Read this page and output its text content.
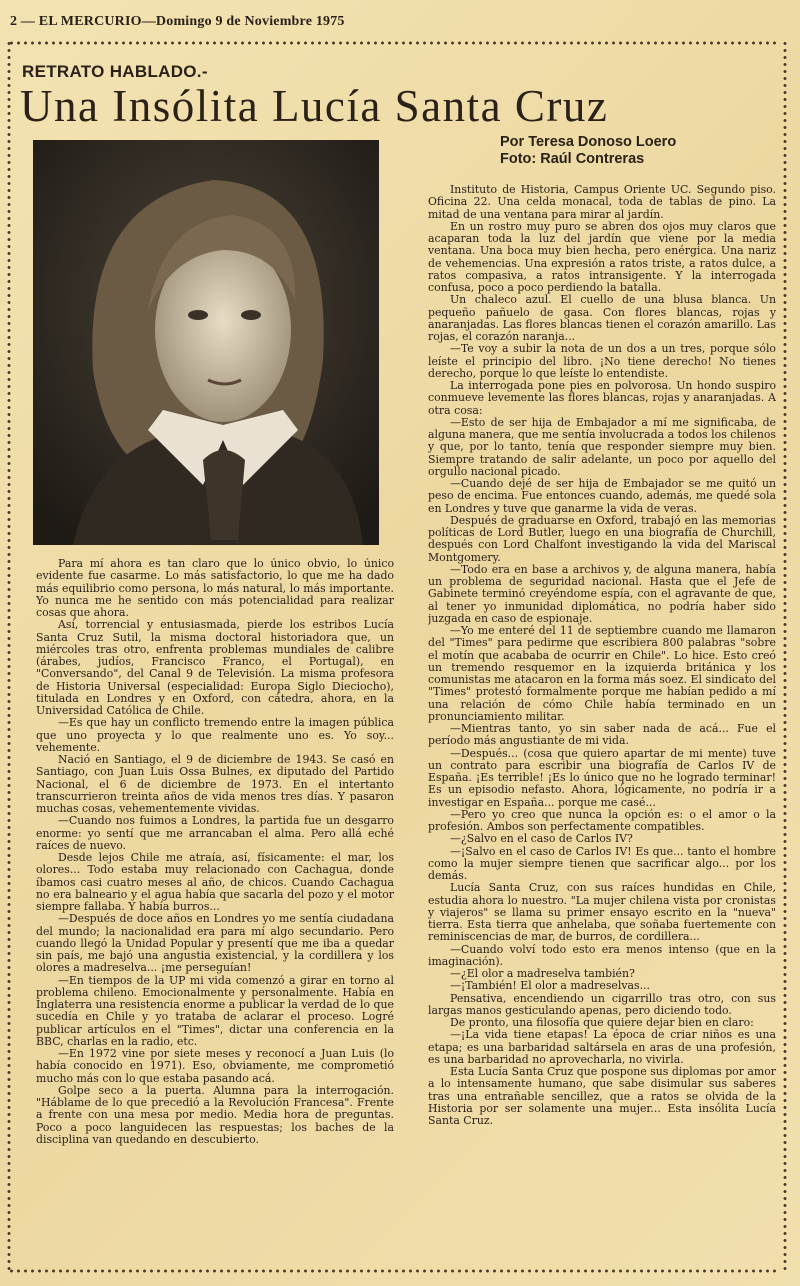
2 — EL MERCURIO—Domingo 9 de Noviembre 1975
RETRATO HABLADO.-
Una Insólita Lucía Santa Cruz
Por Teresa Donoso Loero
Foto: Raúl Contreras

Para mí ahora es tan claro que lo único obvio, lo único evidente fue casarme. Lo más satisfactorio, lo que me ha dado más equilibrio como persona, lo más natural, lo más importante. Yo nunca me he sentido con más potencialidad para realizar cosas que ahora.

Así, torrencial y entusiasmada, pierde los estribos Lucía Santa Cruz Sutil, la misma doctoral historiadora que, un miércoles tras otro, enfrenta problemas mundiales de calibre (árabes, judíos, Francisco Franco, el Portugal), en "Conversando", del Canal 9 de Televisión. La misma profesora de Historia Universal (especialidad: Europa Siglo Dieciocho), titulada en Londres y en Oxford, con cátedra, ahora, en la Universidad Católica de Chile.

—Es que hay un conflicto tremendo entre la imagen pública que uno proyecta y lo que realmente uno es. Yo soy... vehemente.

Nació en Santiago, el 9 de diciembre de 1943. Se casó en Santiago, con Juan Luis Ossa Bulnes, ex diputado del Partido Nacional, el 6 de diciembre de 1973. En el intertanto transcurrieron treinta años de vida menos tres días. Y pasaron muchas cosas, vehementemente vividas.

—Cuando nos fuimos a Londres, la partida fue un desgarro enorme: yo sentí que me arrancaban el alma. Pero allá eché raíces de nuevo.

Desde lejos Chile me atraía, así, físicamente: el mar, los olores... Todo estaba muy relacionado con Cachagua, donde íbamos casi cuatro meses al año, de chicos. Cuando Cachagua no era balneario y el agua había que sacarla del pozo y el motor siempre fallaba. Y había burros...

—Después de doce años en Londres yo me sentía ciudadana del mundo; la nacionalidad era para mí algo secundario. Pero cuando llegó la Unidad Popular y presentí que me iba a quedar sin país, me bajó una angustia existencial, y la cordillera y los olores a madreselva... ¡me perseguían!

—En tiempos de la UP mi vida comenzó a girar en torno al problema chileno. Emocionalmente y personalmente. Había en Inglaterra una resistencia enorme a publicar la verdad de lo que sucedía en Chile y yo trataba de aclarar el proceso. Logré publicar artículos en el "Times", dictar una conferencia en la BBC, charlas en la radio, etc.

—En 1972 vine por siete meses y reconocí a Juan Luis (lo había conocido en 1971). Eso, obviamente, me comprometió mucho más con lo que estaba pasando acá.

Golpe seco a la puerta. Alumna para la interrogación. "Háblame de lo que precedió a la Revolución Francesa". Frente a frente con una mesa por medio. Media hora de preguntas. Poco a poco languidecen las respuestas; los baches de la disciplina van quedando en descubierto.

Instituto de Historia, Campus Oriente UC. Segundo piso. Oficina 22. Una celda monacal, toda de tablas de pino. La mitad de una ventana para mirar al jardín.

En un rostro muy puro se abren dos ojos muy claros que acaparan toda la luz del jardín que viene por la media ventana. Una boca muy bien hecha, pero enérgica. Una nariz de vehemencias. Una expresión a ratos triste, a ratos dulce, a ratos compasiva, a ratos intransigente. Y la interrogada confusa, poco a poco perdiendo la batalla.

Un chaleco azul. El cuello de una blusa blanca. Un pequeño pañuelo de gasa. Con flores blancas, rojas y anaranjadas. Las flores blancas tienen el corazón amarillo. Las rojas, el corazón naranja...

—Te voy a subir la nota de un dos a un tres, porque sólo leíste el principio del libro. ¡No tiene derecho! No tienes derecho, porque lo que leíste lo entendiste.

La interrogada pone pies en polvorosa. Un hondo suspiro conmueve levemente las flores blancas, rojas y anaranjadas. A otra cosa:

—Esto de ser hija de Embajador a mí me significaba, de alguna manera, que me sentía involucrada a todos los chilenos y que, por lo tanto, tenía que responder siempre muy bien. Siempre tratando de salir adelante, un poco por aquello del orgullo nacional picado.

—Cuando dejé de ser hija de Embajador se me quitó un peso de encima. Fue entonces cuando, además, me quedé sola en Londres y tuve que ganarme la vida de veras.

Después de graduarse en Oxford, trabajó en las memorias políticas de Lord Butler, luego en una biografía de Churchill, después con Lord Chalfont investigando la vida del Mariscal Montgomery.

—Todo era en base a archivos y, de alguna manera, había un problema de seguridad nacional. Hasta que el Jefe de Gabinete terminó creyéndome espía, con el agravante de que, al tener yo inmunidad diplomática, no podría haber sido juzgada en caso de espionaje.

—Yo me enteré del 11 de septiembre cuando me llamaron del "Times" para pedirme que escribiera 800 palabras "sobre el motín que acababa de ocurrir en Chile". Lo hice. Esto creó un tremendo resquemor en la izquierda británica y los comunistas me atacaron en la forma más soez. El sindicato del "Times" protestó formalmente porque me habían pedido a mí una relación de cómo Chile había terminado en un pronunciamiento militar.

—Mientras tanto, yo sin saber nada de acá... Fue el período más angustiante de mi vida.

—Después... (cosa que quiero apartar de mi mente) tuve un contrato para escribir una biografía de Carlos IV de España. ¡Es terrible! ¡Es lo único que no he logrado terminar! Es un episodio nefasto. Ahora, lógicamente, no podría ir a investigar en España... porque me casé...

—Pero yo creo que nunca la opción es: o el amor o la profesión. Ambos son perfectamente compatibles.

—¿Salvo en el caso de Carlos IV?

—¡Salvo en el caso de Carlos IV! Es que... tanto el hombre como la mujer siempre tienen que sacrificar algo... por los demás.

Lucía Santa Cruz, con sus raíces hundidas en Chile, estudia ahora lo nuestro. "La mujer chilena vista por cronistas y viajeros" se llama su primer ensayo escrito en la "nueva" tierra. Esta tierra que anhelaba, que soñaba fuertemente con reminiscencias de mar, de burros, de cordillera...

—Cuando volví todo esto era menos intenso (que en la imaginación).

—¿El olor a madreselva también?

—¡También! El olor a madreselvas...

Pensativa, encendiendo un cigarrillo tras otro, con sus largas manos gesticulando apenas, pero diciendo todo.

De pronto, una filosofía que quiere dejar bien en claro:

—¡La vida tiene etapas! La época de criar niños es una etapa; es una barbaridad saltársela en aras de una profesión, es una barbaridad no aprovecharla, no vivirla.

Esta Lucía Santa Cruz que pospone sus diplomas por amor a lo intensamente humano, que sabe disimular sus saberes tras una entrañable sencillez, que a ratos se olvida de la Historia por ser solamente una mujer... Esta insólita Lucía Santa Cruz.
